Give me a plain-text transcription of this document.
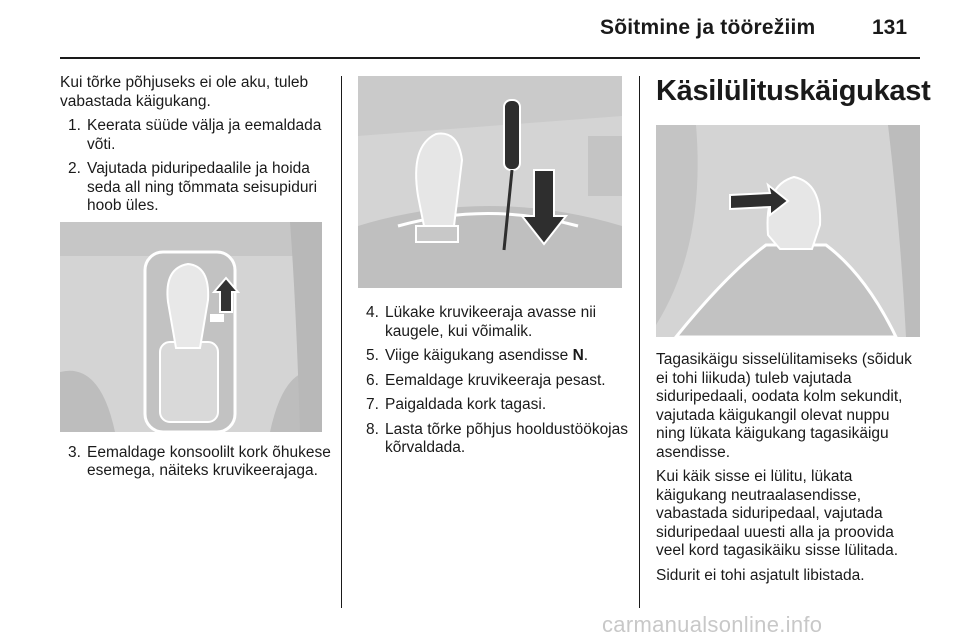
Sõitmine ja töörežiim	131

Kui tõrke põhjuseks ei ole aku, tuleb vabastada käigukang.

1. Keerata süüde välja ja eemaldada võti.
2. Vajutada piduripedaalile ja hoida seda all ning tõmmata seisupiduri hoob üles.
3. Eemaldage konsoolilt kork õhukese esemega, näiteks kruvikeerajaga.
4. Lükake kruvikeeraja avasse nii kaugele, kui võimalik.
5. Viige käigukang asendisse N.
6. Eemaldage kruvikeeraja pesast.
7. Paigaldada kork tagasi.
8. Lasta tõrke põhjus hooldustöökojas kõrvaldada.
Käsilülituskäigukast

Tagasikäigu sisselülitamiseks (sõiduk ei tohi liikuda) tuleb vajutada siduripedaali, oodata kolm sekundit, vajutada käigukangil olevat nuppu ning lükata käigukang tagasikäigu asendisse.

Kui käik sisse ei lülitu, lükata käigukang neutraalasendisse, vabastada siduripedaal, vajutada siduripedaal uuesti alla ja proovida veel kord tagasikäiku sisse lülitada.

Sidurit ei tohi asjatult libistada.

carmanualsonline.info
